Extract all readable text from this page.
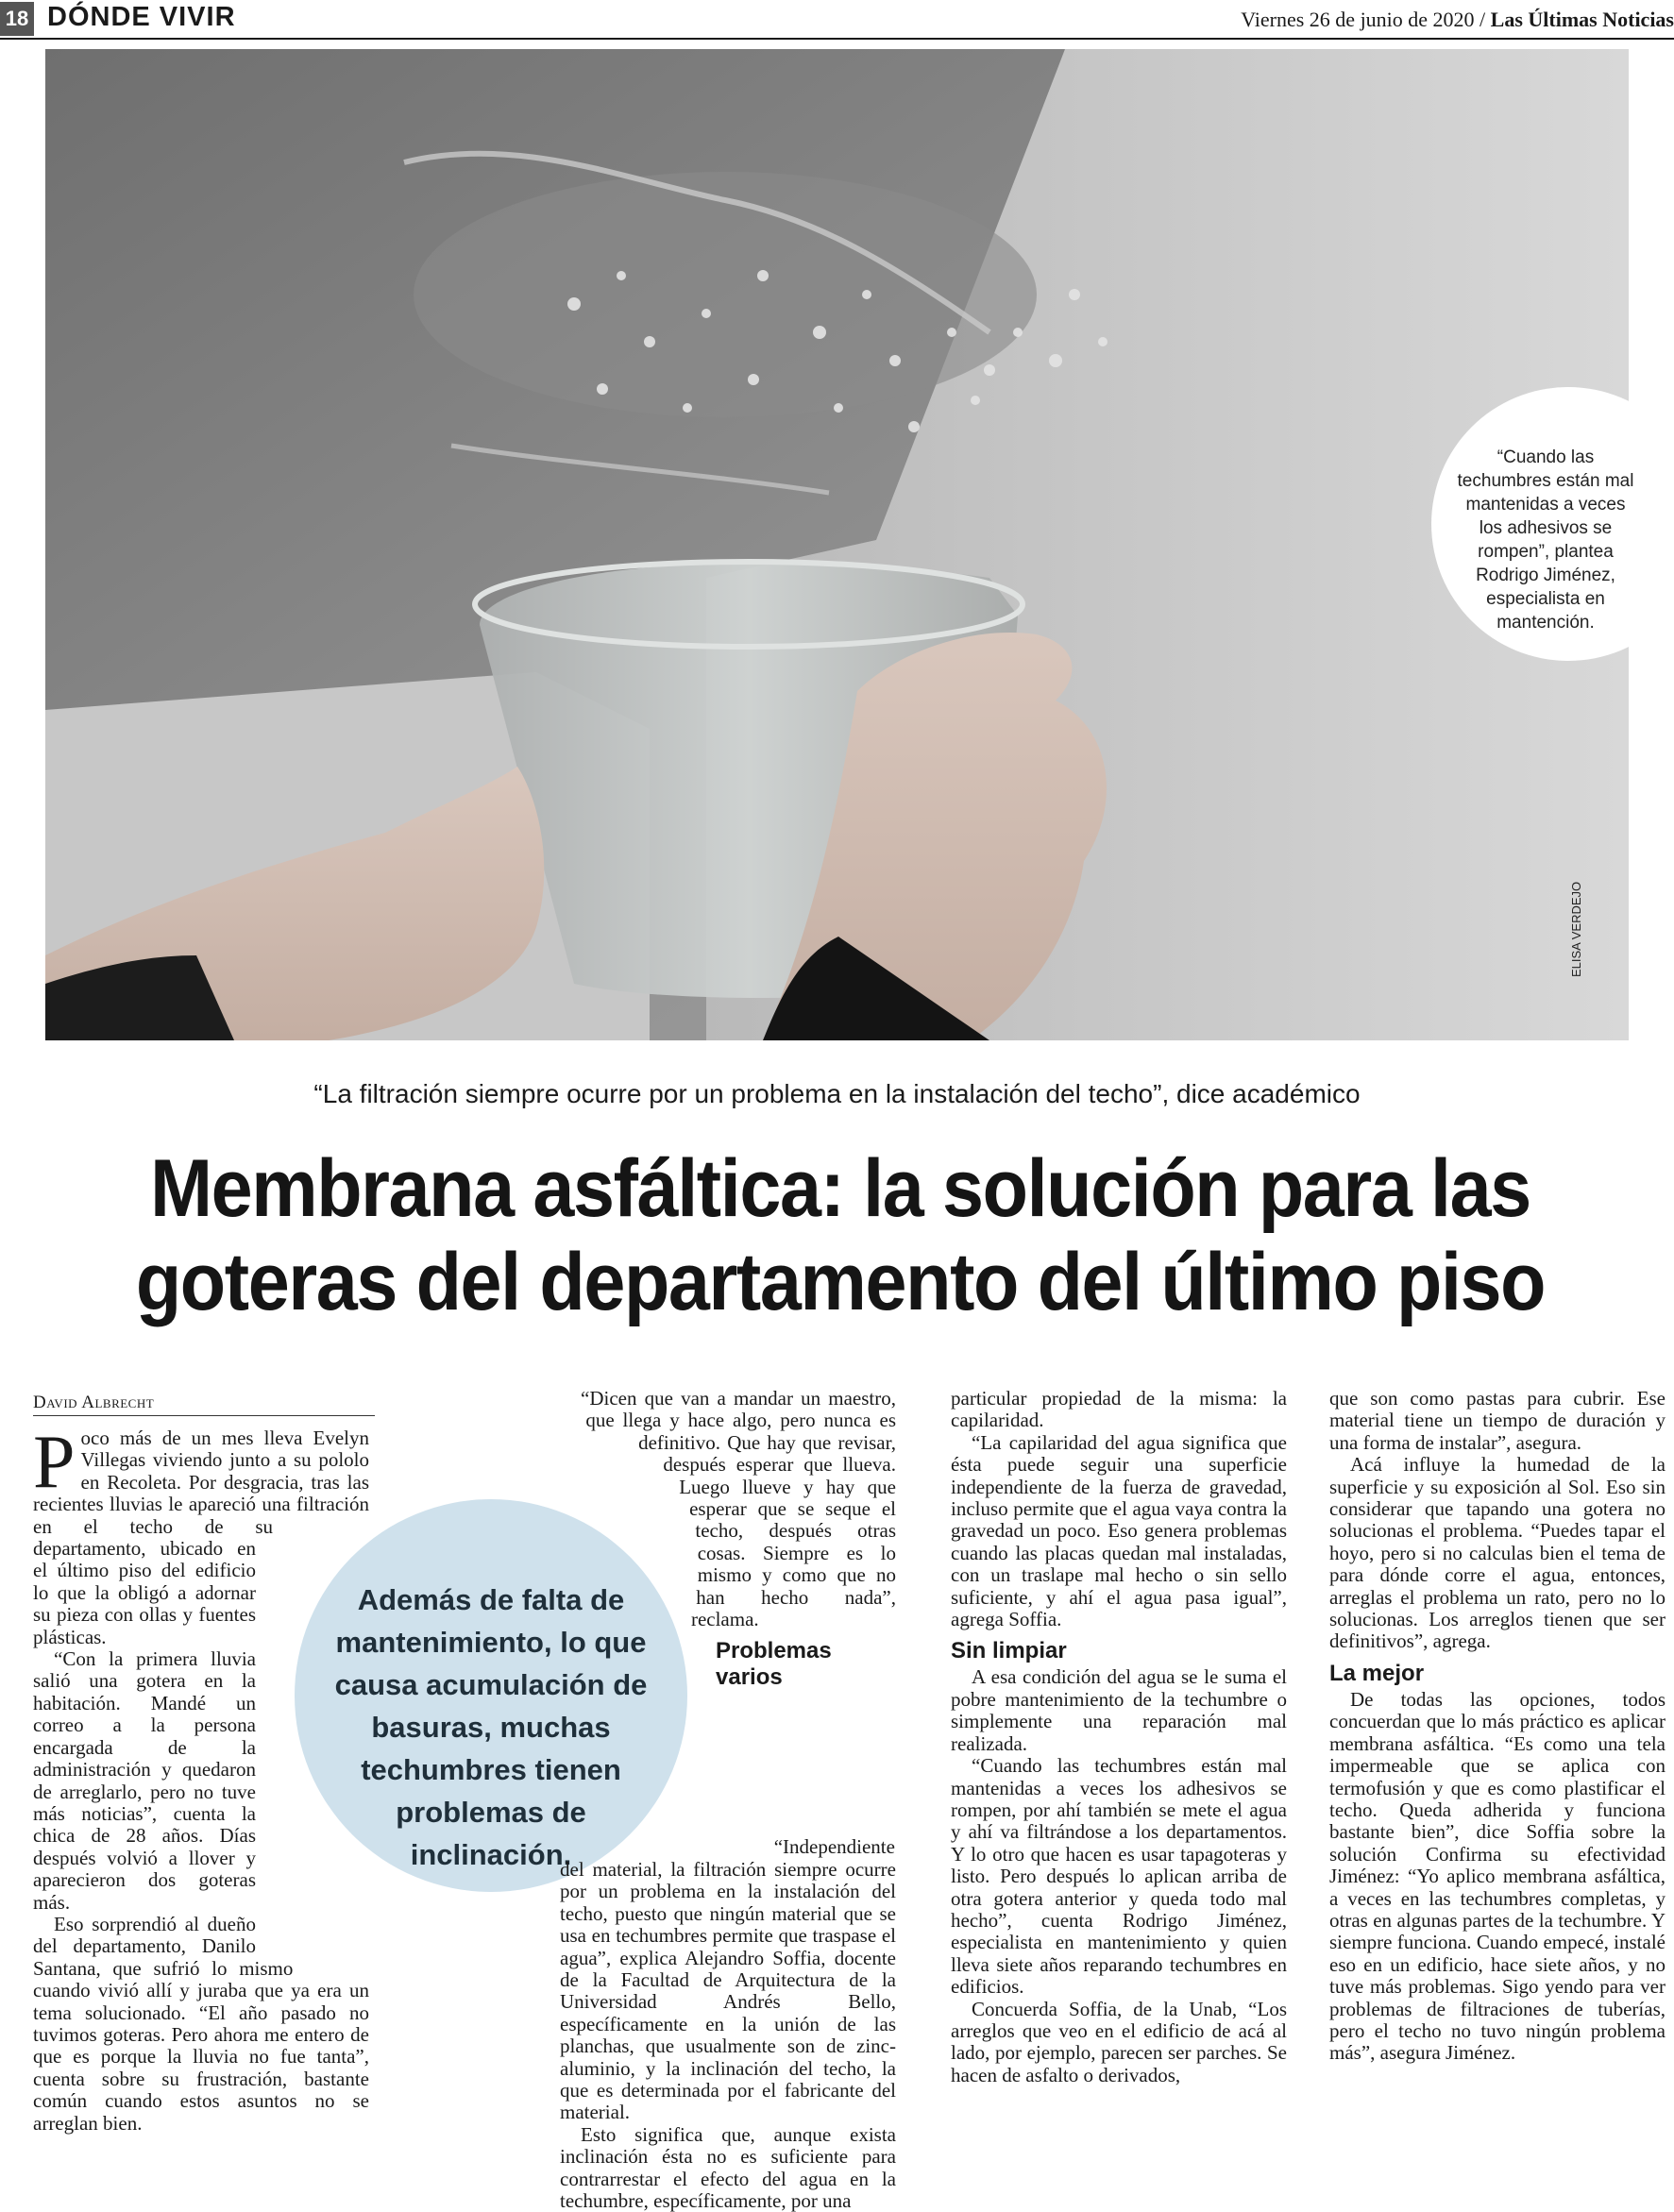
18 DÓNDE VIVIR	Viernes 26 de junio de 2020 / Las Últimas Noticias
ELISA VERDEJO
“Cuando las techumbres están mal mantenidas a veces los adhesivos se rompen”, plantea Rodrigo Jiménez, especialista en mantención.
“La filtración siempre ocurre por un problema en la instalación del techo”, dice académico
Membrana asfáltica: la solución para las
goteras del departamento del último piso
David Albrecht
Además de falta de mantenimiento, lo que causa acumulación de basuras, muchas techumbres tienen problemas de inclinación.

Poco más de un mes lleva Evelyn Villegas viviendo junto a su pololo en Recoleta. Por desgracia, tras las recientes lluvias le apareció una filtración en el techo de su departamento, ubicado en el último piso del edificio lo que la obligó a adornar su pieza con ollas y fuentes plásticas.

“Con la primera lluvia salió una gotera en la habitación. Mandé un correo a la persona encargada de la administración y quedaron de arreglarlo, pero no tuve más noticias”, cuenta la chica de 28 años. Días después volvió a llover y aparecieron dos goteras más.

Eso sorprendió al dueño del departamento, Danilo Santana, que sufrió lo mismo cuando vivió allí y juraba que ya era un tema solucionado. “El año pasado no tuvimos goteras. Pero ahora me entero de que es porque la lluvia no fue tanta”, cuenta sobre su frustración, bastante común cuando estos asuntos no se arreglan bien.

“Dicen que van a mandar un maestro, que llega y hace algo, pero nunca es definitivo. Que hay que revisar, después esperar que llueva. Luego llueve y hay que esperar que se seque el techo, después otras cosas. Siempre es lo mismo y como que no han hecho nada”, reclama.

Problemas varios

“Independiente del material, la filtración siempre ocurre por un problema en la instalación del techo, puesto que ningún material que se usa en techumbres permite que traspase el agua”, explica Alejandro Soffia, docente de la Facultad de Arquitectura de la Universidad Andrés Bello, específicamente en la unión de las planchas, que usualmente son de zinc-aluminio, y la inclinación del techo, la que es determinada por el fabricante del material.

Esto significa que, aunque exista inclinación ésta no es suficiente para contrarrestar el efecto del agua en la techumbre, específicamente, por una

particular propiedad de la misma: la capilaridad.

“La capilaridad del agua significa que ésta puede seguir una superficie independiente de la fuerza de gravedad, incluso permite que el agua vaya contra la gravedad un poco. Eso genera problemas cuando las placas quedan mal instaladas, con un traslape mal hecho o sin sello suficiente, y ahí el agua pasa igual”, agrega Soffia.

Sin limpiar

A esa condición del agua se le suma el pobre mantenimiento de la techumbre o simplemente una reparación mal realizada.

“Cuando las techumbres están mal mantenidas a veces los adhesivos se rompen, por ahí también se mete el agua y ahí va filtrándose a los departamentos. Y lo otro que hacen es usar tapagoteras y listo. Pero después lo aplican arriba de otra gotera anterior y queda todo mal hecho”, cuenta Rodrigo Jiménez, especialista en mantenimiento y quien lleva siete años reparando techumbres en edificios.

Concuerda Soffia, de la Unab, “Los arreglos que veo en el edificio de acá al lado, por ejemplo, parecen ser parches. Se hacen de asfalto o derivados,

que son como pastas para cubrir. Ese material tiene un tiempo de duración y una forma de instalar”, asegura.

Acá influye la humedad de la superficie y su exposición al Sol. Eso sin considerar que tapando una gotera no solucionas el problema. “Puedes tapar el hoyo, pero si no calculas bien el tema de para dónde corre el agua, entonces, arreglas el problema un rato, pero no lo solucionas. Los arreglos tienen que ser definitivos”, agrega.

La mejor

De todas las opciones, todos concuerdan que lo más práctico es aplicar membrana asfáltica. “Es como una tela impermeable que se aplica con termofusión y que es como plastificar el techo. Queda adherida y funciona bastante bien”, dice Soffia sobre la solución Confirma su efectividad Jiménez: “Yo aplico membrana asfáltica, a veces en las techumbres completas, y otras en algunas partes de la techumbre. Y siempre funciona. Cuando empecé, instalé eso en un edificio, hace siete años, y no tuve más problemas. Sigo yendo para ver problemas de filtraciones de tuberías, pero el techo no tuvo ningún problema más”, asegura Jiménez.
